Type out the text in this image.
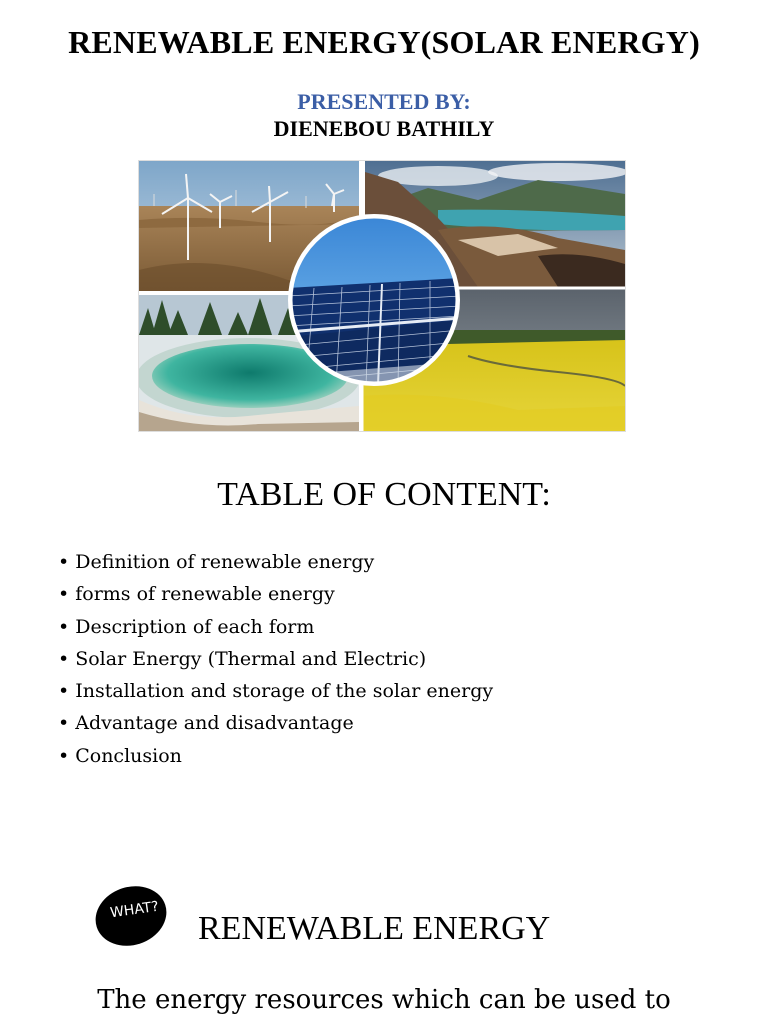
RENEWABLE ENERGY(SOLAR ENERGY)
PRESENTED BY:
DIENEBOU BATHILY
TABLE OF CONTENT:
• Definition of renewable energy
• forms of renewable energy
• Description of each form
• Solar Energy (Thermal and Electric)
• Installation and storage of the solar energy
• Advantage and disadvantage
• Conclusion
WHAT? RENEWABLE ENERGY
The energy resources which can be used to
